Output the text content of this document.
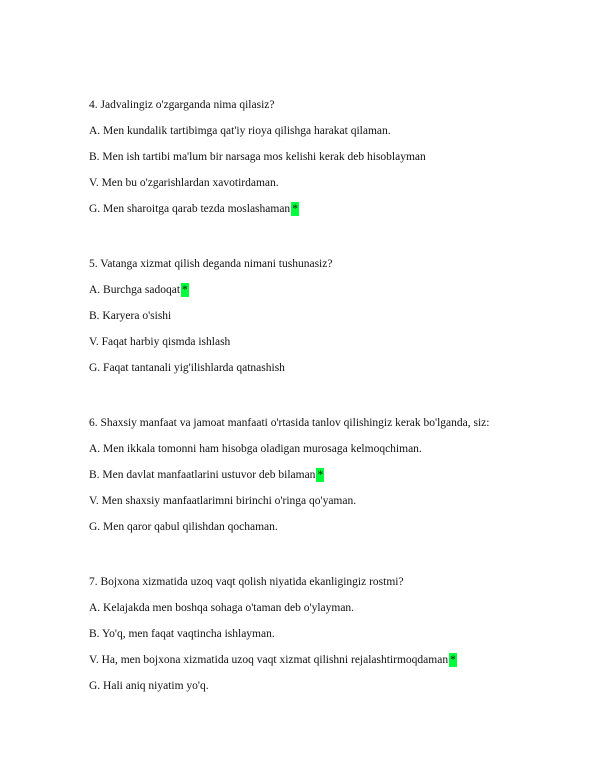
4. Jadvalingiz o'zgarganda nima qilasiz?
A. Men kundalik tartibimga qat'iy rioya qilishga harakat qilaman.
B. Men ish tartibi ma'lum bir narsaga mos kelishi kerak deb hisoblayman
V. Men bu o'zgarishlardan xavotirdaman.
G. Men sharoitga qarab tezda moslashaman *
5. Vatanga xizmat qilish deganda nimani tushunasiz?
A. Burchga sadoqat *
B. Karyera o'sishi
V. Faqat harbiy qismda ishlash
G. Faqat tantanali yig'ilishlarda qatnashish
6. Shaxsiy manfaat va jamoat manfaati o'rtasida tanlov qilishingiz kerak bo'lganda, siz:
A. Men ikkala tomonni ham hisobga oladigan murosaga kelmoqchiman.
B. Men davlat manfaatlarini ustuvor deb bilaman *
V. Men shaxsiy manfaatlarimni birinchi o'ringa qo'yaman.
G. Men qaror qabul qilishdan qochaman.
7. Bojxona xizmatida uzoq vaqt qolish niyatida ekanligingiz rostmi?
A. Kelajakda men boshqa sohaga o'taman deb o'ylayman.
B. Yo'q, men faqat vaqtincha ishlayman.
V. Ha, men bojxona xizmatida uzoq vaqt xizmat qilishni rejalashtirmoqdaman *
G. Hali aniq niyatim yo'q.
